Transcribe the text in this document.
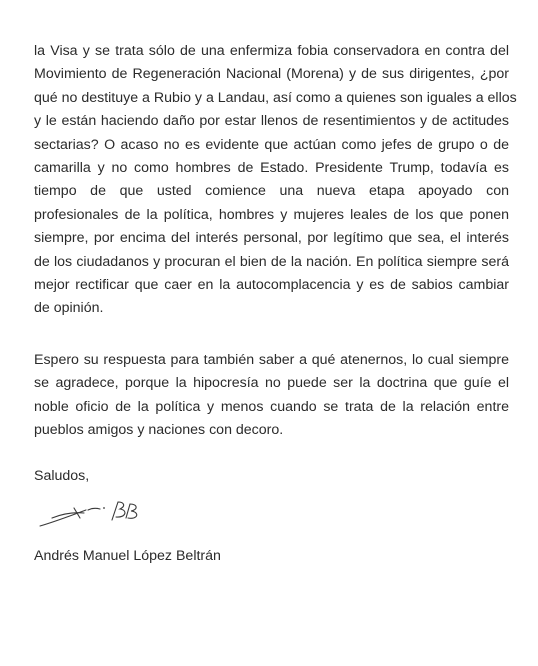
la Visa y se trata sólo de una enfermiza fobia conservadora en contra del
Movimiento de Regeneración Nacional (Morena) y de sus dirigentes, ¿por
qué no destituye a Rubio y a Landau, así como a quienes son iguales a ellos
y le están haciendo daño por estar llenos de resentimientos y de actitudes
sectarias? O acaso no es evidente que actúan como jefes de grupo o de
camarilla y no como hombres de Estado. Presidente Trump, todavía es
tiempo de que usted comience una nueva etapa apoyado con
profesionales de la política, hombres y mujeres leales de los que ponen
siempre, por encima del interés personal, por legítimo que sea, el interés
de los ciudadanos y procuran el bien de la nación. En política siempre será
mejor rectificar que caer en la autocomplacencia y es de sabios cambiar
de opinión.

Espero su respuesta para también saber a qué atenernos, lo cual siempre
se agradece, porque la hipocresía no puede ser la doctrina que guíe el
noble oficio de la política y menos cuando se trata de la relación entre
pueblos amigos y naciones con decoro.

Saludos,
Andrés Manuel López Beltrán
